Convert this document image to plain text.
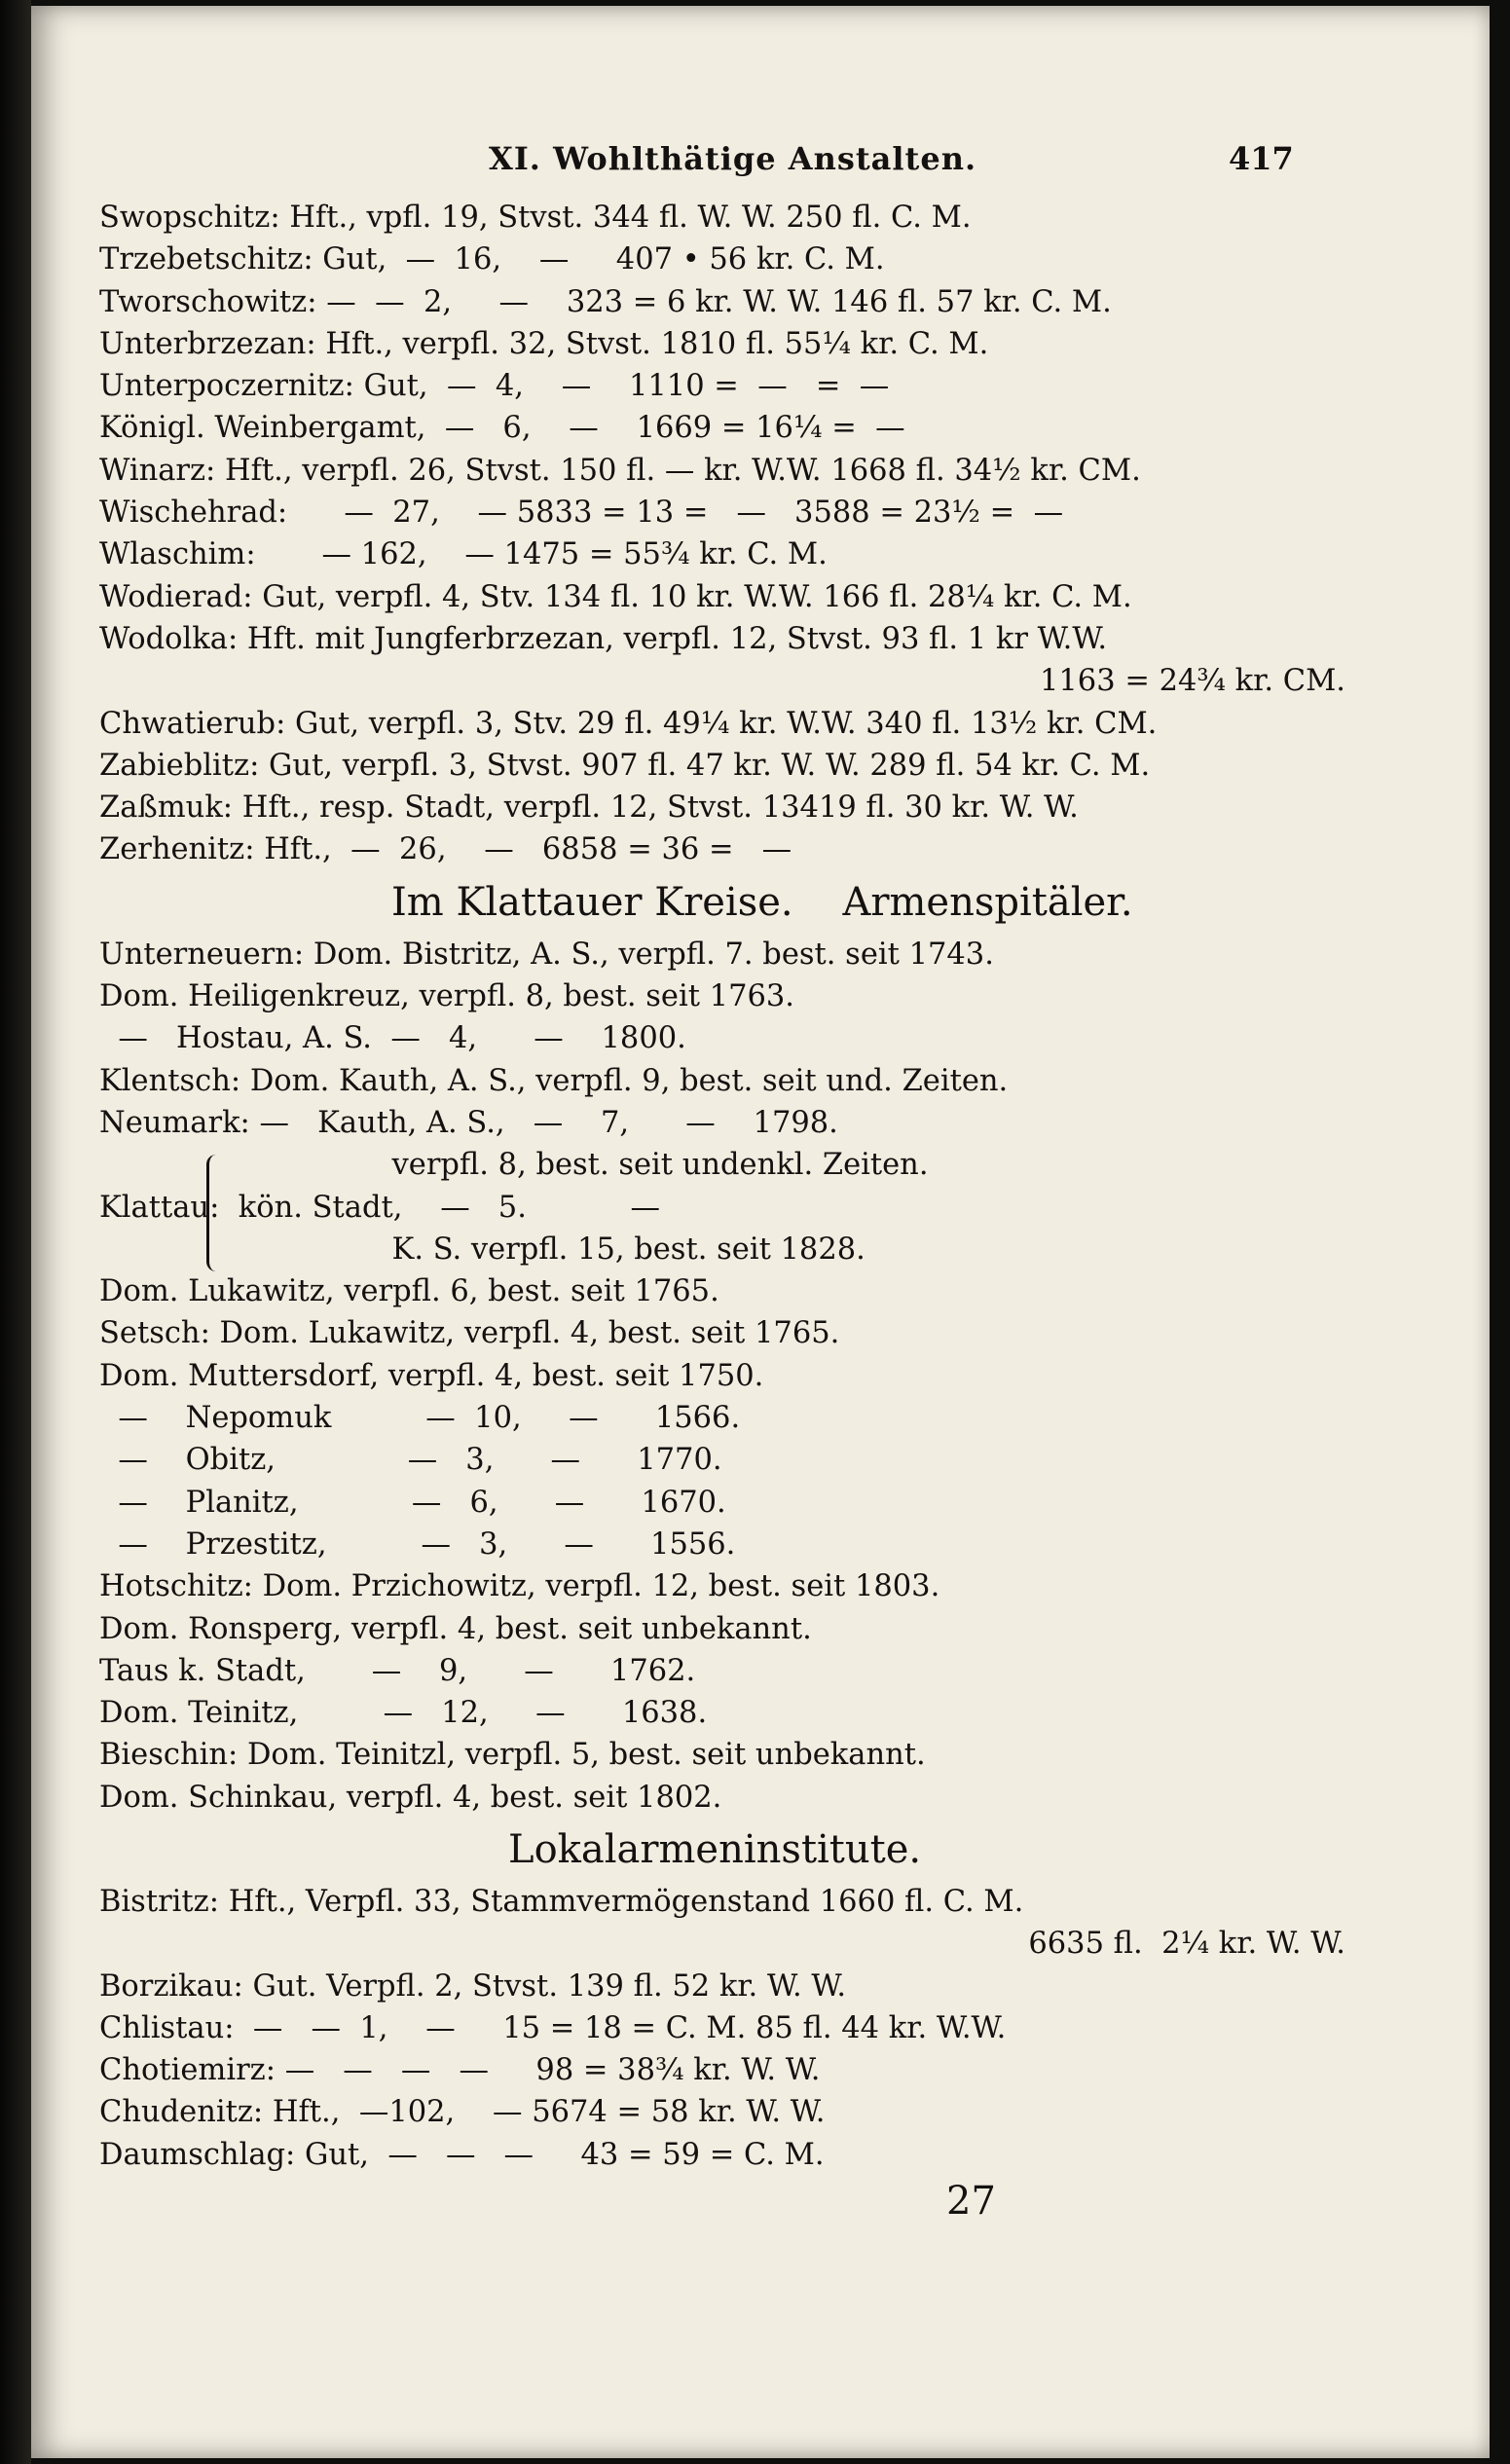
XI. Wohlthätige Anstalten.	417
Swopschitz: Hft., vpfl. 19, Stvst. 344 fl. W. W. 250 fl. C. M.
Trzebetschitz: Gut,  —  16,    —     407 • 56 kr. C. M.
Tworschowitz: —  —  2,     —    323 = 6 kr. W. W. 146 fl. 57 kr. C. M.
Unterbrzezan: Hft., verpfl. 32, Stvst. 1810 fl. 55¼ kr. C. M.
Unterpoczernitz: Gut,  —  4,    —    1110 =  —   =  —
Königl. Weinbergamt,  —   6,    —    1669 = 16¼ =  —
Winarz: Hft., verpfl. 26, Stvst. 150 fl. — kr. W.W. 1668 fl. 34½ kr. CM.
Wischehrad:      —  27,    — 5833 = 13 =   —   3588 = 23½ =  —
Wlaschim:       — 162,    — 1475 = 55¾ kr. C. M.
Wodierad: Gut, verpfl. 4, Stv. 134 fl. 10 kr. W.W. 166 fl. 28¼ kr. C. M.
Wodolka: Hft. mit Jungferbrzezan, verpfl. 12, Stvst. 93 fl. 1 kr W.W.
1163 = 24¾ kr. CM.
Chwatierub: Gut, verpfl. 3, Stv. 29 fl. 49¼ kr. W.W. 340 fl. 13½ kr. CM.
Zabieblitz: Gut, verpfl. 3, Stvst. 907 fl. 47 kr. W. W. 289 fl. 54 kr. C. M.
Zaßmuk: Hft., resp. Stadt, verpfl. 12, Stvst. 13419 fl. 30 kr. W. W.
Zerhenitz: Hft.,  —  26,    —   6858 = 36 =   —
Im Klattauer Kreise.    Armenspitäler.
Unterneuern: Dom. Bistritz, A. S., verpfl. 7. best. seit 1743.
Dom. Heiligenkreuz, verpfl. 8, best. seit 1763.
—   Hostau, A. S.  —   4,      —    1800.
Klentsch: Dom. Kauth, A. S., verpfl. 9, best. seit und. Zeiten.
Neumark: —   Kauth, A. S.,   —    7,      —    1798.
verpfl. 8, best. seit undenkl. Zeiten.
Klattau:  kön. Stadt,    —   5.           —
K. S. verpfl. 15, best. seit 1828.
Dom. Lukawitz, verpfl. 6, best. seit 1765.
Setsch: Dom. Lukawitz, verpfl. 4, best. seit 1765.
Dom. Muttersdorf, verpfl. 4, best. seit 1750.
—    Nepomuk          —  10,     —      1566.
—    Obitz,              —   3,      —      1770.
—    Planitz,            —   6,      —      1670.
—    Przestitz,          —   3,      —      1556.
Hotschitz: Dom. Przichowitz, verpfl. 12, best. seit 1803.
Dom. Ronsperg, verpfl. 4, best. seit unbekannt.
Taus k. Stadt,       —    9,      —      1762.
Dom. Teinitz,         —   12,     —      1638.
Bieschin: Dom. Teinitzl, verpfl. 5, best. seit unbekannt.
Dom. Schinkau, verpfl. 4, best. seit 1802.
Lokalarmeninstitute.
Bistritz: Hft., Verpfl. 33, Stammvermögenstand 1660 fl. C. M.
6635 fl.  2¼ kr. W. W.
Borzikau: Gut. Verpfl. 2, Stvst. 139 fl. 52 kr. W. W.
Chlistau:  —   —  1,    —     15 = 18 = C. M. 85 fl. 44 kr. W.W.
Chotiemirz: —   —   —   —     98 = 38¾ kr. W. W.
Chudenitz: Hft.,  —102,    — 5674 = 58 kr. W. W.
Daumschlag: Gut,  —   —   —     43 = 59 = C. M.
27
